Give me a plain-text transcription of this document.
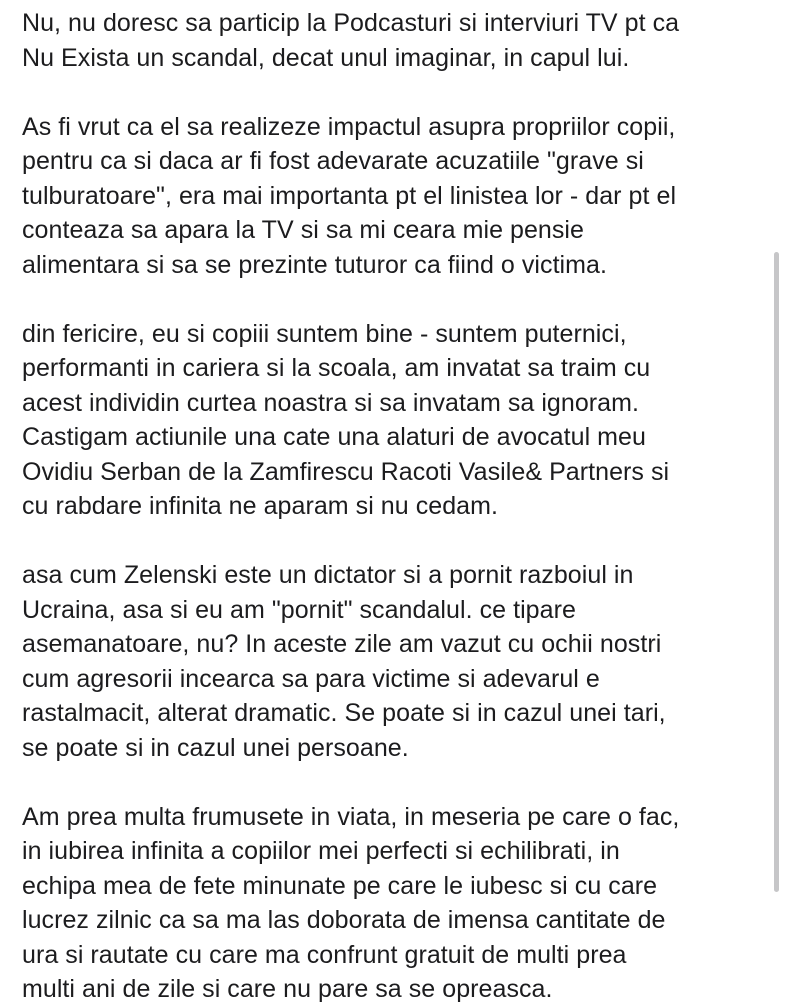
Nu, nu doresc sa particip la Podcasturi si interviuri TV pt ca
Nu Exista un scandal, decat unul imaginar, in capul lui.

As fi vrut ca el sa realizeze impactul asupra propriilor copii,
pentru ca si daca ar fi fost adevarate acuzatiile "grave si
tulburatoare", era mai importanta pt el linistea lor - dar pt el
conteaza sa apara la TV si sa mi ceara mie pensie
alimentara si sa se prezinte tuturor ca fiind o victima.

din fericire, eu si copiii suntem bine - suntem puternici,
performanti in cariera si la scoala, am invatat sa traim cu
acest individin curtea noastra si sa invatam sa ignoram.
Castigam actiunile una cate una alaturi de avocatul meu
Ovidiu Serban de la Zamfirescu Racoti Vasile& Partners si
cu rabdare infinita ne aparam si nu cedam.

asa cum Zelenski este un dictator si a pornit razboiul in
Ucraina, asa si eu am "pornit" scandalul. ce tipare
asemanatoare, nu? In aceste zile am vazut cu ochii nostri
cum agresorii incearca sa para victime si adevarul e
rastalmacit, alterat dramatic. Se poate si in cazul unei tari,
se poate si in cazul unei persoane.

Am prea multa frumusete in viata, in meseria pe care o fac,
in iubirea infinita a copiilor mei perfecti si echilibrati, in
echipa mea de fete minunate pe care le iubesc si cu care
lucrez zilnic ca sa ma las doborata de imensa cantitate de
ura si rautate cu care ma confrunt gratuit de multi prea
multi ani de zile si care nu pare sa se opreasca.
